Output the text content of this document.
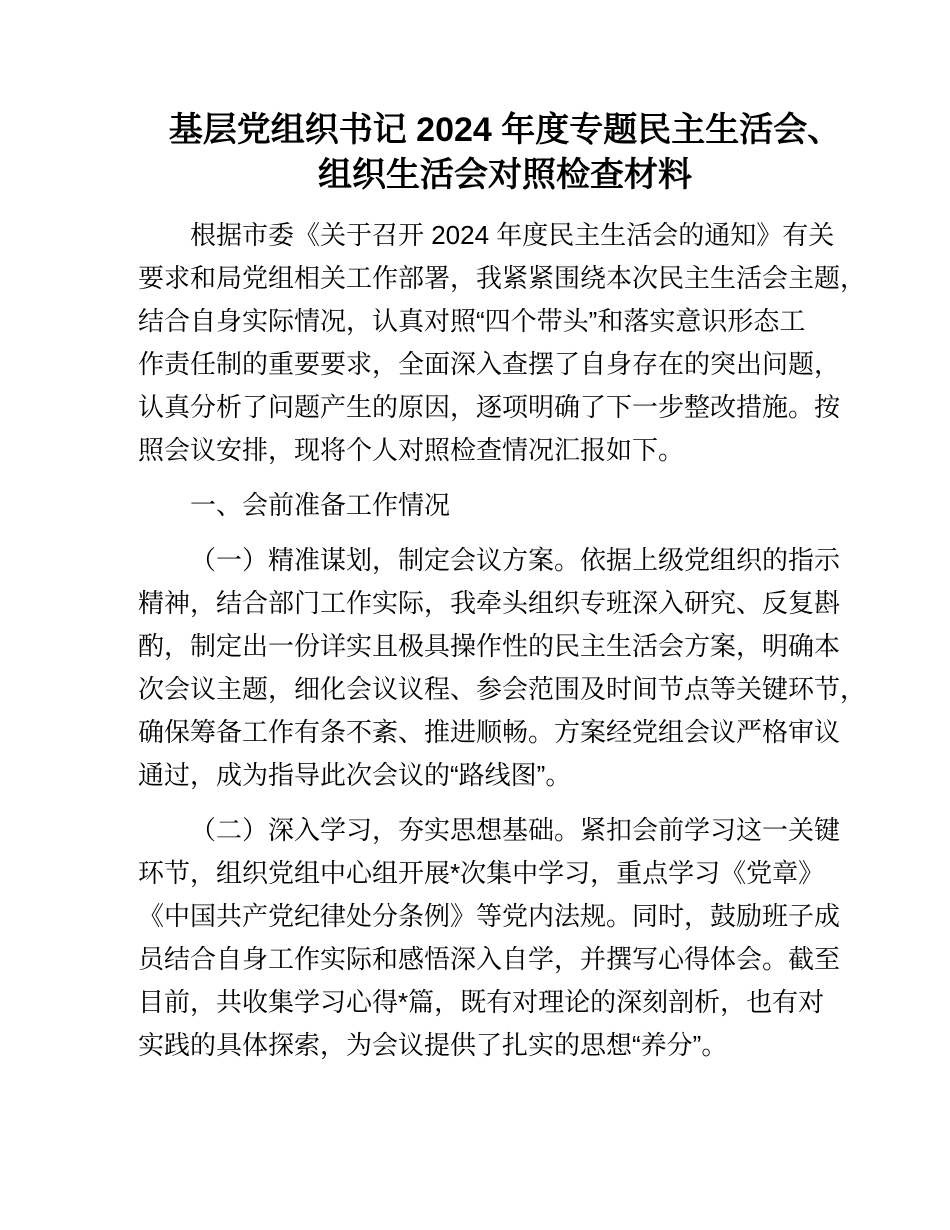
基层党组织书记 2024 年度专题民主生活会、
组织生活会对照检查材料
根据市委《关于召开 2024 年度民主生活会的通知》有关
要求和局党组相关工作部署，我紧紧围绕本次民主生活会主题，
结合自身实际情况，认真对照“四个带头”和落实意识形态工
作责任制的重要要求，全面深入查摆了自身存在的突出问题，
认真分析了问题产生的原因，逐项明确了下一步整改措施。按
照会议安排，现将个人对照检查情况汇报如下。
一、会前准备工作情况
（一）精准谋划，制定会议方案。依据上级党组织的指示
精神，结合部门工作实际，我牵头组织专班深入研究、反复斟
酌，制定出一份详实且极具操作性的民主生活会方案，明确本
次会议主题，细化会议议程、参会范围及时间节点等关键环节，
确保筹备工作有条不紊、推进顺畅。方案经党组会议严格审议
通过，成为指导此次会议的“路线图”。
（二）深入学习，夯实思想基础。紧扣会前学习这一关键
环节，组织党组中心组开展*次集中学习，重点学习《党章》
《中国共产党纪律处分条例》等党内法规。同时，鼓励班子成
员结合自身工作实际和感悟深入自学，并撰写心得体会。截至
目前，共收集学习心得*篇，既有对理论的深刻剖析，也有对
实践的具体探索，为会议提供了扎实的思想“养分”。
